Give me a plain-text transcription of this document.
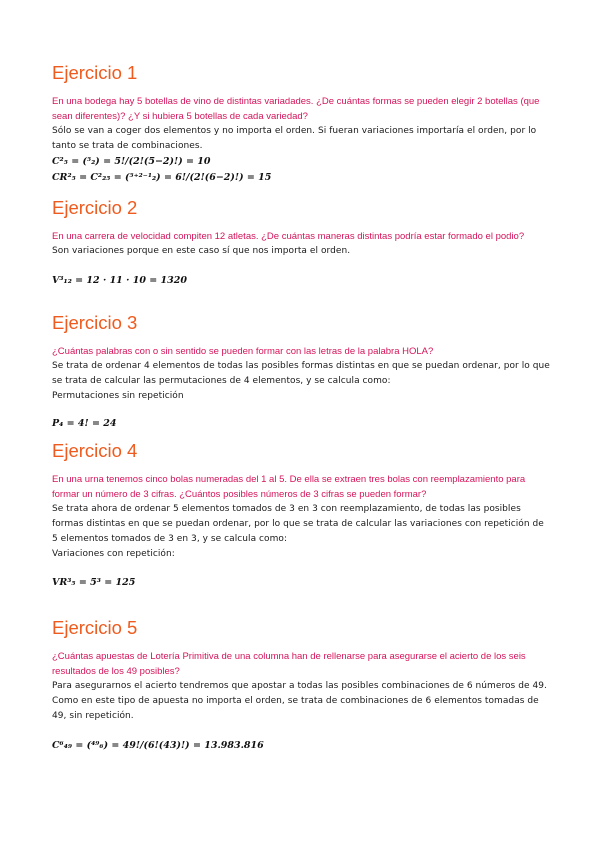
Ejercicio 1

En una bodega hay 5 botellas de vino de distintas variadades. ¿De cuántas formas se pueden elegir 2 botellas (que sean diferentes)? ¿Y si hubiera 5 botellas de cada variedad?

Sólo se van a coger dos elementos y no importa el orden. Si fueran variaciones importaría el orden, por lo tanto se trata de combinaciones.

C²₅ = (⁵₂) = 5!/(2!(5−2)!) = 10

CR²₅ = C²₂₅ = (⁵⁺²⁻¹₂) = 6!/(2!(6−2)!) = 15

Ejercicio 2

En una carrera de velocidad compiten 12 atletas. ¿De cuántas maneras distintas podría estar formado el podio?

Son variaciones porque en este caso sí que nos importa el orden.

V³₁₂ = 12 · 11 · 10 = 1320

Ejercicio 3

¿Cuántas palabras con o sin sentido se pueden formar con las letras de la palabra HOLA?

Se trata de ordenar 4 elementos de todas las posibles formas distintas en que se puedan ordenar, por lo que se trata de calcular las permutaciones de 4 elementos, y se calcula como:

Permutaciones sin repetición

P₄ = 4! = 24

Ejercicio 4

En una urna tenemos cinco bolas numeradas del 1 al 5. De ella se extraen tres bolas con reemplazamiento para formar un número de 3 cifras. ¿Cuántos posibles números de 3 cifras se pueden formar?

Se trata ahora de ordenar 5 elementos tomados de 3 en 3 con reemplazamiento, de todas las posibles formas distintas en que se puedan ordenar, por lo que se trata de calcular las variaciones con repetición de 5 elementos tomados de 3 en 3, y se calcula como:

Variaciones con repetición:

VR³₅ = 5³ = 125

Ejercicio 5

¿Cuántas apuestas de Lotería Primitiva de una columna han de rellenarse para asegurarse el acierto de los seis resultados de los 49 posibles?

Para asegurarnos el acierto tendremos que apostar a todas las posibles combinaciones de 6 números de 49. Como en este tipo de apuesta no importa el orden, se trata de combinaciones de 6 elementos tomadas de 49, sin repetición.

C⁶₄₉ = (⁴⁹₆) = 49!/(6!(43)!) = 13.983.816
